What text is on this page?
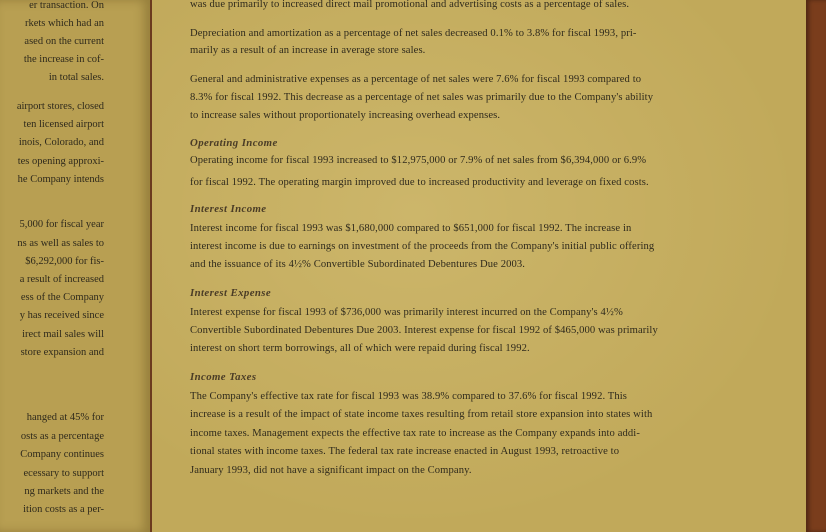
er transaction. On
rkets which had an
ased on the current
the increase in cof-
in total sales.
airport stores, closed
ten licensed airport
inois, Colorado, and
tes opening approxi-
he Company intends
5,000 for fiscal year
ns as well as sales to
$6,292,000 for fis-
a result of increased
ess of the Company
y has received since
irect mail sales will
store expansion and
hanged at 45% for
osts as a percentage
Company continues
ecessary to support
ng markets and the
ition costs as a per-
was due primarily to increased direct mail promotional and advertising costs as a percentage of sales.
Depreciation and amortization as a percentage of net sales decreased 0.1% to 3.8% for fiscal 1993, pri-
marily as a result of an increase in average store sales.
General and administrative expenses as a percentage of net sales were 7.6% for fiscal 1993 compared to
8.3% for fiscal 1992. This decrease as a percentage of net sales was primarily due to the Company's ability
to increase sales without proportionately increasing overhead expenses.
Operating Income
Operating income for fiscal 1993 increased to $12,975,000 or 7.9% of net sales from $6,394,000 or 6.9%
for fiscal 1992. The operating margin improved due to increased productivity and leverage on fixed costs.
Interest Income
Interest income for fiscal 1993 was $1,680,000 compared to $651,000 for fiscal 1992. The increase in
interest income is due to earnings on investment of the proceeds from the Company's initial public offering
and the issuance of its 4½% Convertible Subordinated Debentures Due 2003.
Interest Expense
Interest expense for fiscal 1993 of $736,000 was primarily interest incurred on the Company's 4½%
Convertible Subordinated Debentures Due 2003. Interest expense for fiscal 1992 of $465,000 was primarily
interest on short term borrowings, all of which were repaid during fiscal 1992.
Income Taxes
The Company's effective tax rate for fiscal 1993 was 38.9% compared to 37.6% for fiscal 1992. This
increase is a result of the impact of state income taxes resulting from retail store expansion into states with
income taxes. Management expects the effective tax rate to increase as the Company expands into addi-
tional states with income taxes. The federal tax rate increase enacted in August 1993, retroactive to
January 1993, did not have a significant impact on the Company.
